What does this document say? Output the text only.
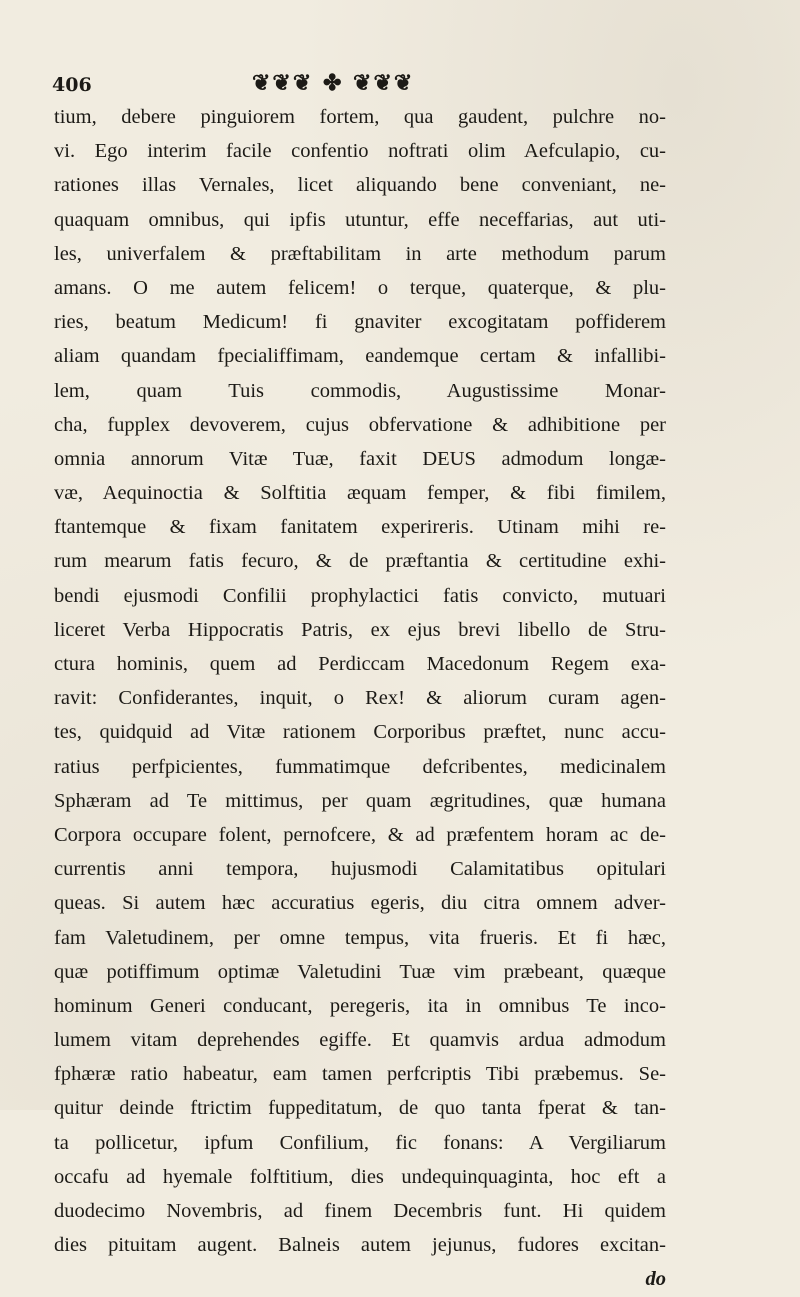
406	❦❦❦ ✤ ❦❦❦
tium, debere pinguiorem fortem, qua gaudent, pulchre no-
vi. Ego interim facile confentio noftrati olim Aefculapio, cu-
rationes illas Vernales, licet aliquando bene conveniant, ne-
quaquam omnibus, qui ipfis utuntur, effe neceffarias, aut uti-
les, univerfalem & præftabilitam in arte methodum parum
amans. O me autem felicem! o terque, quaterque, & plu-
ries, beatum Medicum! fi gnaviter excogitatam poffiderem
aliam quandam fpecialiffimam, eandemque certam & infallibi-
lem, quam Tuis commodis, Augustissime Monar-
cha, fupplex devoverem, cujus obfervatione & adhibitione per
omnia annorum Vitæ Tuæ, faxit DEUS admodum longæ-
væ, Aequinoctia & Solftitia æquam femper, & fibi fimilem,
ftantemque & fixam fanitatem experireris. Utinam mihi re-
rum mearum fatis fecuro, & de præftantia & certitudine exhi-
bendi ejusmodi Confilii prophylactici fatis convicto, mutuari
liceret Verba Hippocratis Patris, ex ejus brevi libello de Stru-
ctura hominis, quem ad Perdiccam Macedonum Regem exa-
ravit: Confiderantes, inquit, o Rex! & aliorum curam agen-
tes, quidquid ad Vitæ rationem Corporibus præftet, nunc accu-
ratius perfpicientes, fummatimque defcribentes, medicinalem
Sphæram ad Te mittimus, per quam ægritudines, quæ humana
Corpora occupare folent, pernofcere, & ad præfentem horam ac de-
currentis anni tempora, hujusmodi Calamitatibus opitulari
queas. Si autem hæc accuratius egeris, diu citra omnem adver-
fam Valetudinem, per omne tempus, vita frueris. Et fi hæc,
quæ potiffimum optimæ Valetudini Tuæ vim præbeant, quæque
hominum Generi conducant, peregeris, ita in omnibus Te inco-
lumem vitam deprehendes egiffe. Et quamvis ardua admodum
fphæræ ratio habeatur, eam tamen perfcriptis Tibi præbemus. Se-
quitur deinde ftrictim fuppeditatum, de quo tanta fperat & tan-
ta pollicetur, ipfum Confilium, fic fonans: A Vergiliarum
occafu ad hyemale folftitium, dies undequinquaginta, hoc eft a
duodecimo Novembris, ad finem Decembris funt. Hi quidem
dies pituitam augent. Balneis autem jejunus, fudores excitan-
do
